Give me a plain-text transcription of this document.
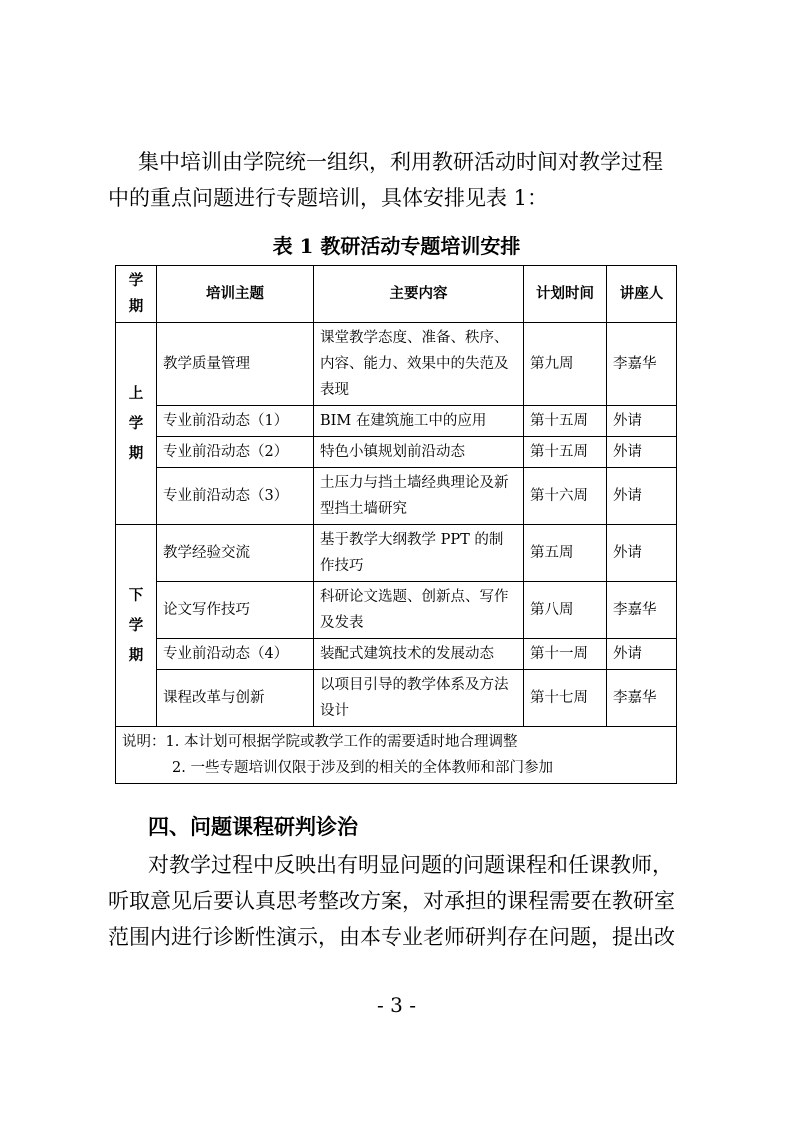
集中培训由学院统一组织，利用教研活动时间对教学过程
中的重点问题进行专题培训，具体安排见表 1：
表 1 教研活动专题培训安排
学期	培训主题	主要内容	计划时间	讲座人

上
学
期	教学质量管理	课堂教学态度、准备、秩序、内容、能力、效果中的失范及表现	第九周	李嘉华
	专业前沿动态（1）	BIM 在建筑施工中的应用	第十五周	外请
	专业前沿动态（2）	特色小镇规划前沿动态	第十五周	外请
	专业前沿动态（3）	土压力与挡土墙经典理论及新型挡土墙研究	第十六周	外请

下
学
期	教学经验交流	基于教学大纲教学 PPT 的制作技巧	第五周	外请
	论文写作技巧	科研论文选题、创新点、写作及发表	第八周	李嘉华
	专业前沿动态（4）	装配式建筑技术的发展动态	第十一周	外请
	课程改革与创新	以项目引导的教学体系及方法设计	第十七周	李嘉华

说明：1. 本计划可根据学院或教学工作的需要适时地合理调整
2. 一些专题培训仅限于涉及到的相关的全体教师和部门参加				
四、问题课程研判诊治
对教学过程中反映出有明显问题的问题课程和任课教师，
听取意见后要认真思考整改方案，对承担的课程需要在教研室
范围内进行诊断性演示，由本专业老师研判存在问题，提出改
- 3 -
